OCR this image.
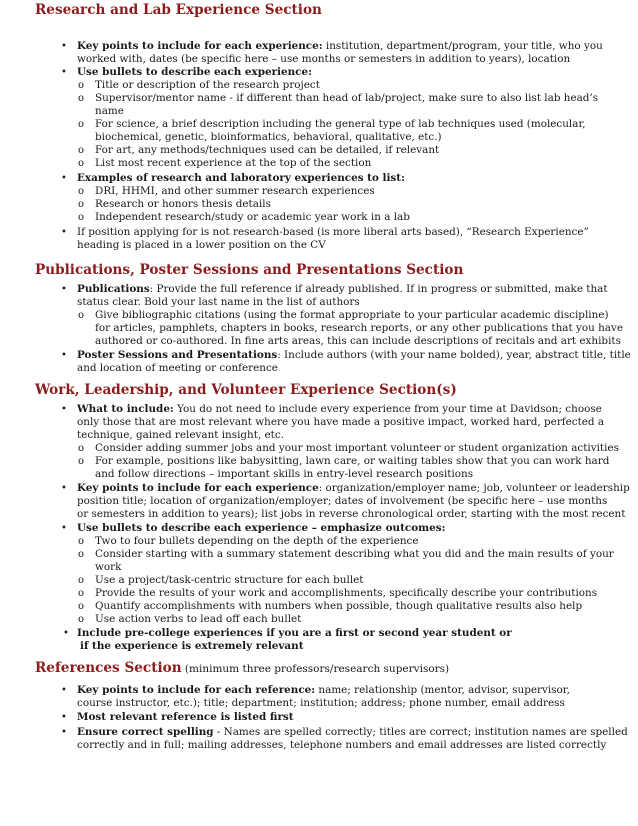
Research and Lab Experience Section
• Key points to include for each experience: institution, department/program, your title, who you
worked with, dates (be specific here – use months or semesters in addition to years), location
• Use bullets to describe each experience:
o Title or description of the research project
o Supervisor/mentor name - if different than head of lab/project, make sure to also list lab head’s
name
o For science, a brief description including the general type of lab techniques used (molecular,
biochemical, genetic, bioinformatics, behavioral, qualitative, etc.)
o For art, any methods/techniques used can be detailed, if relevant
o List most recent experience at the top of the section
• Examples of research and laboratory experiences to list:
o DRI, HHMI, and other summer research experiences
o Research or honors thesis details
o Independent research/study or academic year work in a lab
• If position applying for is not research-based (is more liberal arts based), “Research Experience”
heading is placed in a lower position on the CV
Publications, Poster Sessions and Presentations Section
• Publications: Provide the full reference if already published. If in progress or submitted, make that
status clear. Bold your last name in the list of authors
o Give bibliographic citations (using the format appropriate to your particular academic discipline)
for articles, pamphlets, chapters in books, research reports, or any other publications that you have
authored or co-authored. In fine arts areas, this can include descriptions of recitals and art exhibits
• Poster Sessions and Presentations: Include authors (with your name bolded), year, abstract title, title
and location of meeting or conference
Work, Leadership, and Volunteer Experience Section(s)
• What to include: You do not need to include every experience from your time at Davidson; choose
only those that are most relevant where you have made a positive impact, worked hard, perfected a
technique, gained relevant insight, etc.
o Consider adding summer jobs and your most important volunteer or student organization activities
o For example, positions like babysitting, lawn care, or waiting tables show that you can work hard
and follow directions – important skills in entry-level research positions
• Key points to include for each experience: organization/employer name; job, volunteer or leadership
position title; location of organization/employer; dates of involvement (be specific here – use months
or semesters in addition to years); list jobs in reverse chronological order, starting with the most recent
• Use bullets to describe each experience – emphasize outcomes:
o Two to four bullets depending on the depth of the experience
o Consider starting with a summary statement describing what you did and the main results of your
work
o Use a project/task-centric structure for each bullet
o Provide the results of your work and accomplishments, specifically describe your contributions
o Quantify accomplishments with numbers when possible, though qualitative results also help
o Use action verbs to lead off each bullet
• Include pre-college experiences if you are a first or second year student or
if the experience is extremely relevant
References Section (minimum three professors/research supervisors)
• Key points to include for each reference: name; relationship (mentor, advisor, supervisor,
course instructor, etc.); title; department; institution; address; phone number, email address
• Most relevant reference is listed first
• Ensure correct spelling - Names are spelled correctly; titles are correct; institution names are spelled
correctly and in full; mailing addresses, telephone numbers and email addresses are listed correctly
